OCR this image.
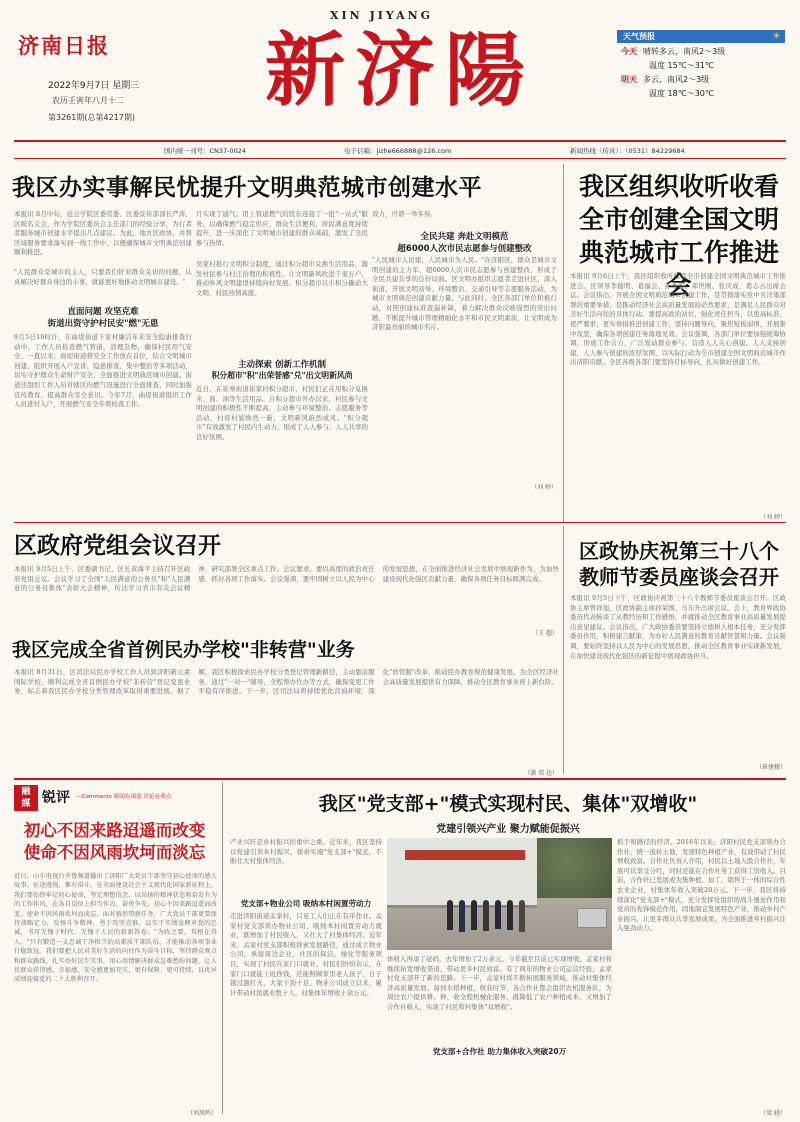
济南日报
2022年9月7日 星期三
农历壬寅年八月十二
第3261期(总第4217期)
XIN JIYANG
新济陽	天气预报	☀
今天 晴转多云，南风2～3级
温度 15℃～31℃
明天 多云，南风2～3级
温度 18℃～30℃
国内统一刊号：CN37-0024	电子信箱：jizhe666888@126.com	新闻热线（传真）：（0531）84229684
我区办实事解民忧提升文明典范城市创建水平
本报讯 8月中旬，沧会学院区委常委、区委宣传部部长严涛，区级名义会，作为学院区委员会主任部门的经验分享，为行者者服务城市创建水平提出几点建议。为此，地方区政协，并将区域服务要求落实到一线工作中，以便确保城市文明典范创建顺利推进。
月实现了通气。用上管道燃气的股东连接了一批"一站式"服务，以确保燃气稳定供应，群众生活便利，居民满意度持续提升，进一步深化了文明城市创建的群众基础，激发了全民参与热情。
效力，可谓一举多得。
全民共建 奔赴文明模范
超6000人次市民志愿参与创建整改
"人民群众是城市的主人，只要我们针对群众关切的问题，认真解决好群众身边的小事，就能更好地推动文明城市建设。"
直面问题 攻坚克难
街道出资守护村民安"燃"无患
主动探索 创新工作机制
积分超市"积"出荣誉感"兑"出文明新风尚
9月5日10时许，在曲堤街道下家村廉洁年来安全隐患排查行动中，工作人员检查燃气管道，清理杂物，确保村民用气安全。一直以来，曲堤街道将安全工作放在首位，结合文明城市创建，组织开展入户宣讲、隐患排查、集中整治等多项活动，切实守护群众生命财产安全，全面推进文明典范城市创建。街道还组织工作人员对辖区内燃气设施进行全面排查，同时加强宣传教育，提高群众安全意识。今年7月，曲堤街道组织工作人员进村入户，开展燃气安全专项检查工作。
吴家村推行文明积分制度，通过积分超市兑换生活用品，激发村民参与村庄治理的积极性，让文明新风吹进千家万户，推动乡风文明建设持续向好发展。积分超市以小积分撬动大文明，村民热情高涨。
近日，在崔寨街道崔家村积分超市，村民们正在用积分兑换米、面、油等生活用品。自积分超市开办以来，村民参与文明创建的积极性不断提高，主动参与环境整治、志愿服务等活动，村容村貌焕然一新，文明新风蔚然成风。"积分超市"有效激发了村民内生动力，形成了人人参与、人人共享的良好氛围。
"人民城市人民建，人民城市为人民。"在济阳区，群众是城市文明创建的主力军，超6000人次市民志愿参与创建整改，形成了全民共建共享的良好局面。区文明办组织志愿者走进社区、深入街道，开展文明劝导、环境整治、交通引导等志愿服务活动，为城市文明典范创建贡献力量。与此同时，全区各部门单位积极行动，对照创建标准查漏补缺，着力解决群众反映强烈的突出问题，不断提升城市管理精细化水平和市民文明素质，让文明成为济阳最亮丽的城市名片。
（刘 婷）
我区组织收听收看
全市创建全国文明
典范城市工作推进会
本报讯 9月6日上午，我区组织收听收看全市创建全国文明典范城市工作推进会。区领导李德明、葛福会、孙本鉴、邓世刚、张庆成、葛志云出席会议。会议指出，开展全国文明典范城市创建工作，是贯彻落实党中央决策部署的重要举措，是推动经济社会高质量发展的必然要求，是满足人民群众对美好生活向往的具体行动。要提高政治站位，强化责任担当，以更高标准、更严要求、更实举措推进创建工作，坚持问题导向，聚焦短板弱项，开展集中攻坚，确保各项创建任务落地见效。会议强调，各部门单位要加强统筹协调，形成工作合力，广泛发动群众参与，营造人人关心创建、人人支持创建、人人参与创建的浓厚氛围，以实际行动为全市创建全国文明典范城市作出济阳贡献。全区各级各部门要坚持目标导向，扎实做好创建工作。
（刘 婷）
区政府党组会议召开
本报讯 9月5日上午，区委副书记、区长黄海平主持召开区政府党组会议。会议学习了全国"人民满意的公务员"和"人民满意的公务员集体"表彰大会精神，传达学习省市有关会议精神，研究部署全区重点工作。会议要求，要以高度的政治责任感，抓好各项工作落实。会议强调，要牢固树立以人民为中心的发展思想，在全面推进经济社会发展中展现新作为，为加快建设现代化强区贡献力量，确保各项任务目标圆满完成。
（王 超）
区政协庆祝第三十八个
教师节委员座谈会召开
本报讯 9月5日下午，区政协庆祝第三十八个教师节委员座谈会召开。区政协主席曾祥旭，区政协副主席孙荣国、马东升出席会议。会上，教育界政协委员代表畅谈了从教经历和工作感悟，并就推动全区教育事业高质量发展提出意见建议。会议指出，广大政协委员要坚持立德树人根本任务，充分发挥委员作用，积极建言献策，为办好人民满意的教育贡献智慧和力量。会议强调，要始终坚持以人民为中心的发展思想，推动全区教育事业实现新发展，在加快建设现代化强区的新征程中展现政协担当。
（崔建楼）
我区完成全省首例民办学校"非转营"业务
本报讯 8月31日，区司法局民办学校工作人员到济阳新元素国际学校，顺利完成全省首例民办学校"非转营"登记变更业务，标志着我区民办学校分类管理改革取得重要进展。据了解，我区积极探索民办学校分类登记管理新路径，主动靠前服务，通过"一对一"辅导、全程帮办代办等方式，确保变更工作平稳有序推进。下一步，区司法局将持续优化营商环境，深化"放管服"改革，推动民办教育规范健康发展，为全区经济社会高质量发展提供有力保障，推动全区教育事业再上新台阶。
（潘 双 达）
融
媒 锐评 —Comments 新闻有深度 评论有观点
初心不因来路迢遥而改变
使命不因风雨坎坷而淡忘
近日，山东电视台齐鲁频道播出了济阳广大党员干部坚守初心使命的感人故事。征途漫漫，惟有奋斗。在全面建设社会主义现代化国家新征程上，我们要始终牢记初心使命，坚定理想信念，以昂扬的精神状态和奋发有为的工作作风，在各自岗位上担当作为、奋勇争先。初心不因来路迢遥而改变，使命不因风雨坎坷而淡忘。面对新形势新任务，广大党员干部更要保持战略定力，发扬斗争精神，勇于攻坚克难，以实干实绩诠释对党的忠诚，书写无愧于时代、无愧于人民的崭新答卷。"为政之要，其枢在得人。"只有锻造一支忠诚干净担当的高素质干部队伍，才能推动各项事业行稳致远。我们要把人民对美好生活的向往作为奋斗目标，坚持群众观点和群众路线，扎实办好民生实事，用心用情解决群众急难愁盼问题，让人民群众获得感、幸福感、安全感更加充实、更有保障、更可持续，以优异成绩迎接党的二十大胜利召开。
（刘凤鸣）
我区"党支部+"模式实现村民、集体"双增收"
党建引领兴产业 聚力赋能促振兴
产业兴旺是乡村振兴的重中之重。近年来，我区坚持以党建引领乡村振兴，探索实施"党支部+"模式，不断壮大村集体经济。
党支部+物业公司 吸纳本村闲置劳动力
走进济阳街道孟家村，只见工人们正在有序作业。孟家村党支部领办物业公司，吸纳本村闲置劳动力就业，既增加了村民收入，又壮大了村集体经济。近年来，孟家村党支部积极探索发展路径，通过成立物业公司，承接周边企业、社区的保洁、绿化等服务项目，实现了村民在家门口就业。村民们纷纷表示，在家门口就能上班挣钱，还能照顾家里老人孩子，日子越过越红火，大家干劲十足。物业公司成立以来，累计带动村民就业数十人，村集体年增收十余万元。
体收入再添了砝码，去年增加了2万余元。今年截至目前已实现增收。孟家村将继续拓宽增收渠道，带动更多村民致富。有了两年的物业公司运营经验，孟家村党支部开了新的思路。下一步，孟家村将不断拓展服务领域，推动村集体经济高质量发展。每到水稻种植、收获时节，各合作社都会组织农机服务队，为周边农户提供耕、种、收全程机械化服务，既降低了农户种植成本，又增加了合作社收入，实现了村民和村集体"双增收"。
党支部+合作社 助力集体收入突破20万
抓手和路径的经济。2016年以来，济阳村民党支部领办合作社，统一流转土地，发展特色种植产业，有效带动了村民增收致富。合作社负责人介绍，村民以土地入股合作社，年底可以享受分红，同时还能在合作社务工获得工资收入。目前，合作社已发展成为集种植、加工、销售于一体的综合性农业企业，村集体年收入突破20万元。下一步，我区将持续深化"党支部+"模式，充分发挥党组织的战斗堡垒作用和党员的先锋模范作用，因地制宜发展特色产业，推动乡村产业振兴，让更多群众共享发展成果，为全面推进乡村振兴注入强劲动力。
（梁 晓）
